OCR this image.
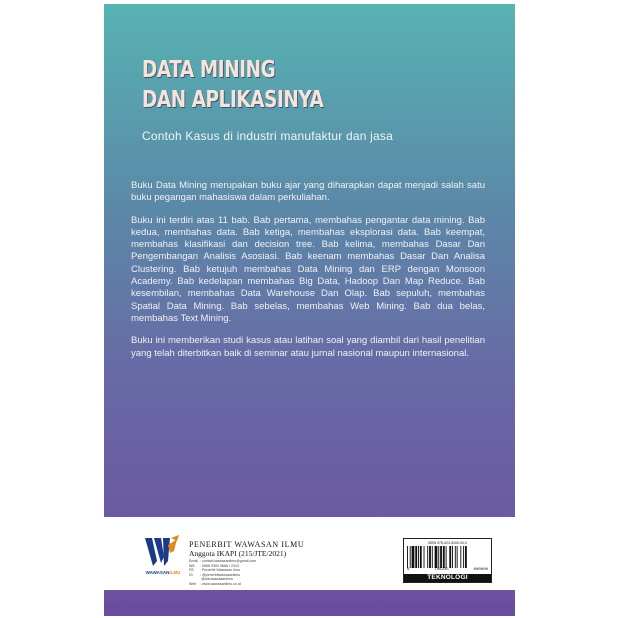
DATA MINING
DAN APLIKASINYA
Contoh Kasus di industri manufaktur dan jasa

Buku Data Mining merupakan buku ajar yang diharapkan dapat menjadi salah satu buku pegangan mahasiswa dalam perkuliahan.

Buku ini terdiri atas 11 bab. Bab pertama, membahas pengantar data mining. Bab kedua, membahas data. Bab ketiga, membahas eksplorasi data. Bab keempat, membahas klasifikasi dan decision tree. Bab kelima, membahas Dasar Dan Pengembangan Analisis Asosiasi. Bab keenam membahas Dasar Dan Analisa Clustering. Bab ketujuh membahas Data Mining dan ERP dengan Monsoon Academy. Bab kedelapan membahas Big Data, Hadoop Dan Map Reduce. Bab kesembilan, membahas Data Warehouse Dan Olap. Bab sepuluh, membahas Spatial Data Mining. Bab sebelas, membahas Web Mining. Bab dua belas, membahas Text Mining.

Buku ini memberikan studi kasus atau latihan soal yang diambil dari hasil penelitian yang telah diterbitkan baik di seminar atau jurnal nasional maupun internasional.

WAWASANILMU
PENERBIT WAWASAN ILMU
Anggota IKAPI (215/JTE/2021)
Email : contact.wawasanilmu@gmail.com
WA : 0858 9300 9666 / 2310
FB : Penerbit Wawasan Ilmu
IG : @penerbitwawasanilmu
@tokowawasanilmu
Web : www.wawasanilmu.co.id
ISBN 978-623-5000-00-0
9	786235	000000
TEKNOLOGI
